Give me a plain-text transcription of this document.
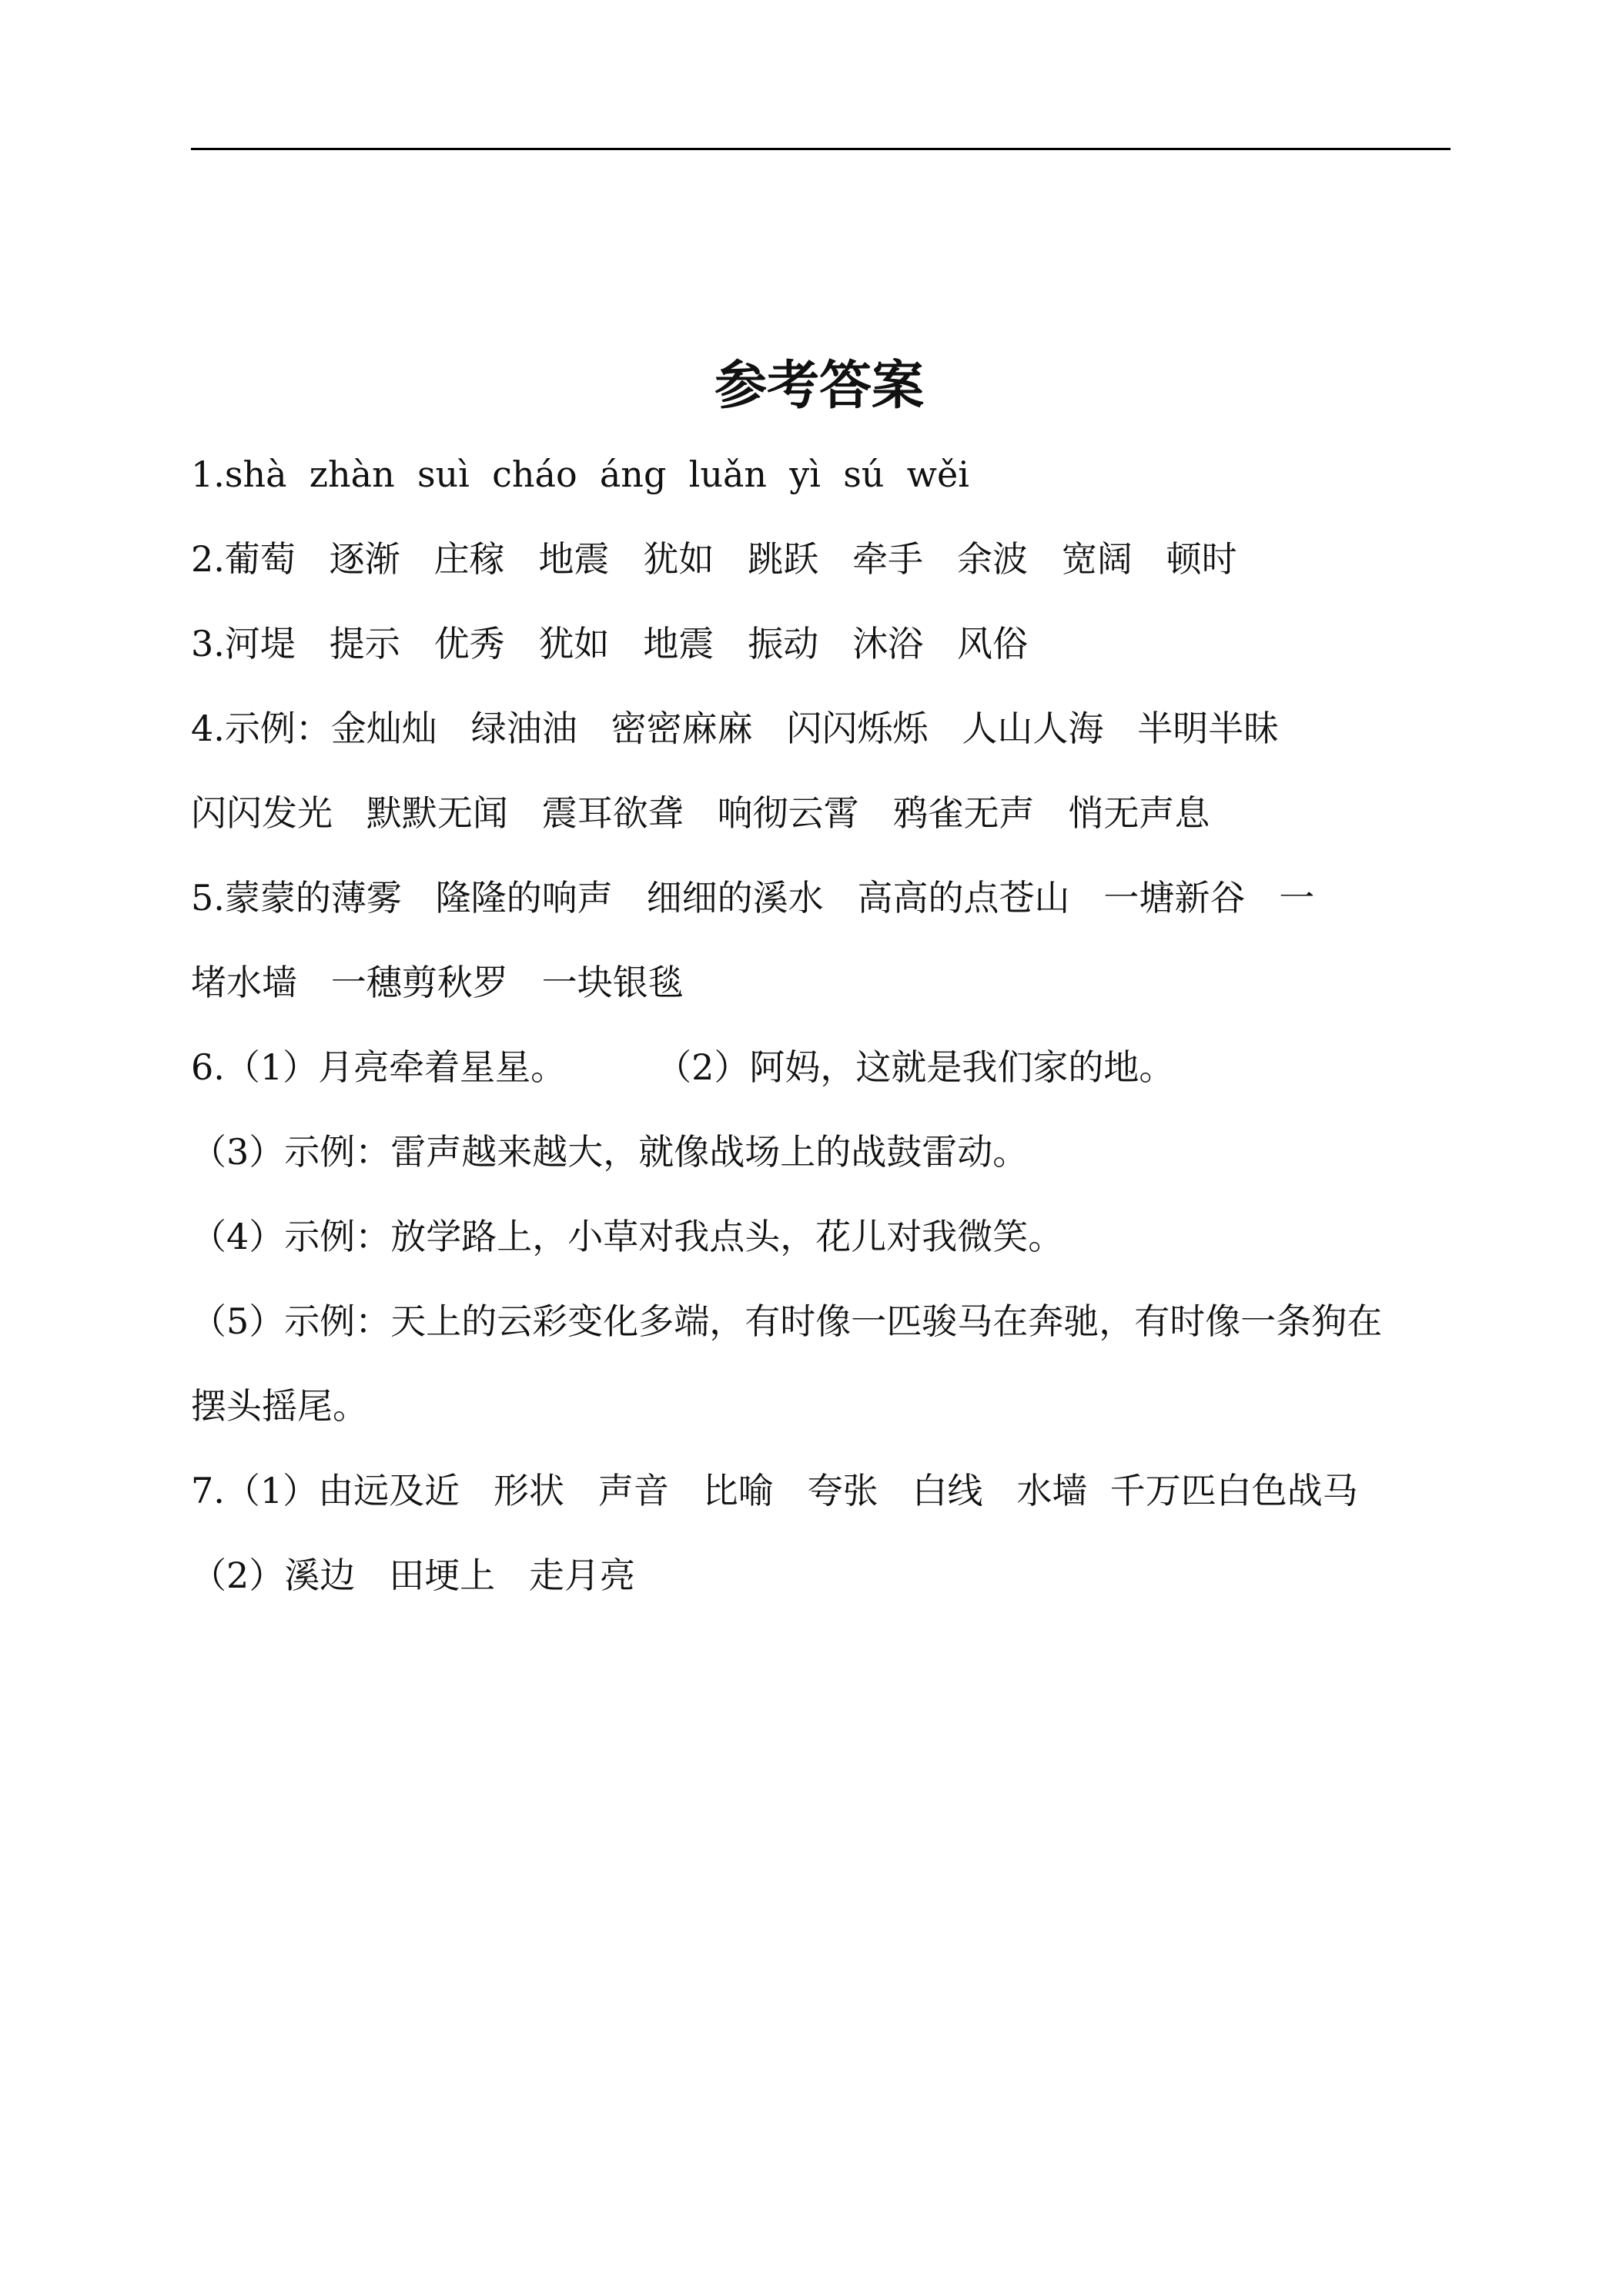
参考答案
1.shà  zhàn  suì  cháo  áng  luǎn  yì  sú  wěi
2.葡萄   逐渐   庄稼   地震   犹如   跳跃   牵手   余波   宽阔   顿时
3.河堤   提示   优秀   犹如   地震   振动   沐浴   风俗
4.示例：金灿灿   绿油油   密密麻麻   闪闪烁烁   人山人海   半明半昧
闪闪发光   默默无闻   震耳欲聋   响彻云霄   鸦雀无声   悄无声息
5.蒙蒙的薄雾   隆隆的响声   细细的溪水   高高的点苍山   一塘新谷   一
堵水墙   一穗剪秋罗   一块银毯
6.（1）月亮牵着星星。        （2）阿妈，这就是我们家的地。
（3）示例：雷声越来越大，就像战场上的战鼓雷动。
（4）示例：放学路上，小草对我点头，花儿对我微笑。
（5）示例：天上的云彩变化多端，有时像一匹骏马在奔驰，有时像一条狗在
摆头摇尾。
7.（1）由远及近   形状   声音   比喻   夸张   白线   水墙  千万匹白色战马
（2）溪边   田埂上   走月亮
